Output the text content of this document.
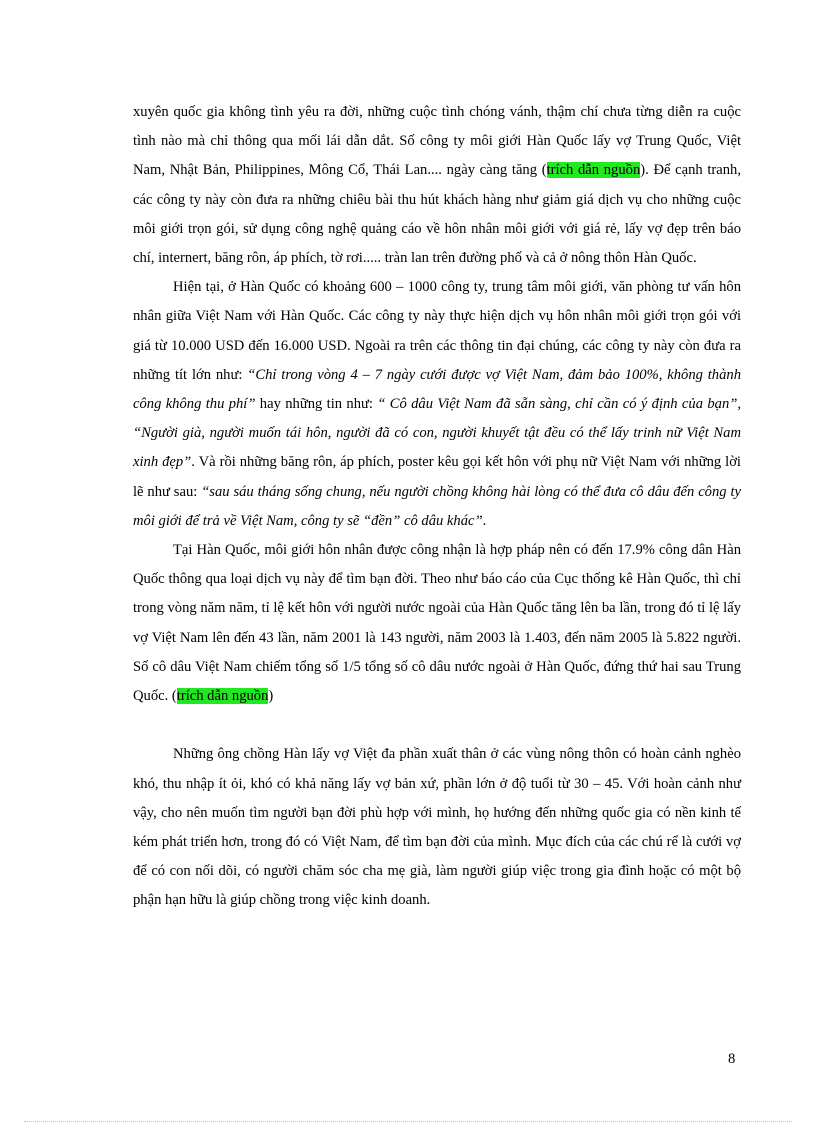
xuyên quốc gia không tình yêu ra đời, những cuộc tình chóng vánh, thậm chí chưa từng diễn ra cuộc tình nào mà chỉ thông qua mối lái dẫn dắt. Số công ty môi giới Hàn Quốc lấy vợ Trung Quốc, Việt Nam, Nhật Bản, Philippines, Mông Cổ, Thái Lan.... ngày càng tăng (trích dẫn nguồn). Để cạnh tranh, các công ty này còn đưa ra những chiêu bài thu hút khách hàng như giảm giá dịch vụ cho những cuộc môi giới trọn gói, sử dụng công nghệ quảng cáo về hôn nhân môi giới với giá rẻ, lấy vợ đẹp trên báo chí, internert, băng rôn, áp phích, tờ rơi..... tràn lan trên đường phố và cả ở nông thôn Hàn Quốc.

Hiện tại, ở Hàn Quốc có khoảng 600 – 1000 công ty, trung tâm môi giới, văn phòng tư vấn hôn nhân giữa Việt Nam với Hàn Quốc. Các công ty này thực hiện dịch vụ hôn nhân môi giới trọn gói với giá từ 10.000 USD đến 16.000 USD. Ngoài ra trên các thông tin đại chúng, các công ty này còn đưa ra những tít lớn như: “Chỉ trong vòng 4 – 7 ngày cưới được vợ Việt Nam, đảm bảo 100%, không thành công không thu phí” hay những tin như: “ Cô dâu Việt Nam đã sẵn sàng, chỉ cần có ý định của bạn”, “Người già, người muốn tái hôn, người đã có con, người khuyết tật đều có thể lấy trinh nữ Việt Nam xinh đẹp”. Và rồi những băng rôn, áp phích, poster kêu gọi kết hôn với phụ nữ Việt Nam với những lời lẽ như sau: “sau sáu tháng sống chung, nếu người chồng không hài lòng có thể đưa cô dâu đến công ty môi giới để trả về Việt Nam, công ty sẽ “đền” cô dâu khác”.

Tại Hàn Quốc, môi giới hôn nhân được công nhận là hợp pháp nên có đến 17.9% công dân Hàn Quốc thông qua loại dịch vụ này để tìm bạn đời. Theo như báo cáo của Cục thống kê Hàn Quốc, thì chỉ trong vòng năm năm, tỉ lệ kết hôn với người nước ngoài của Hàn Quốc tăng lên ba lần, trong đó tỉ lệ lấy vợ Việt Nam lên đến 43 lần, năm 2001 là 143 người, năm 2003 là 1.403, đến năm 2005 là 5.822 người. Số cô dâu Việt Nam chiếm tổng số 1/5 tổng số cô dâu nước ngoài ở Hàn Quốc, đứng thứ hai sau Trung Quốc. (trích dẫn nguồn)

Những ông chồng Hàn lấy vợ Việt đa phần xuất thân ở các vùng nông thôn có hoàn cảnh nghèo khó, thu nhập ít ỏi, khó có khả năng lấy vợ bản xứ, phần lớn ở độ tuổi từ 30 – 45. Với hoàn cảnh như vậy, cho nên muốn tìm người bạn đời phù hợp với mình, họ hướng đến những quốc gia có nền kinh tế kém phát triển hơn, trong đó có Việt Nam, để tìm bạn đời của mình. Mục đích của các chú rể là cưới vợ để có con nối dõi, có người chăm sóc cha mẹ già, làm người giúp việc trong gia đình hoặc có một bộ phận hạn hữu là giúp chồng trong việc kinh doanh.

8
